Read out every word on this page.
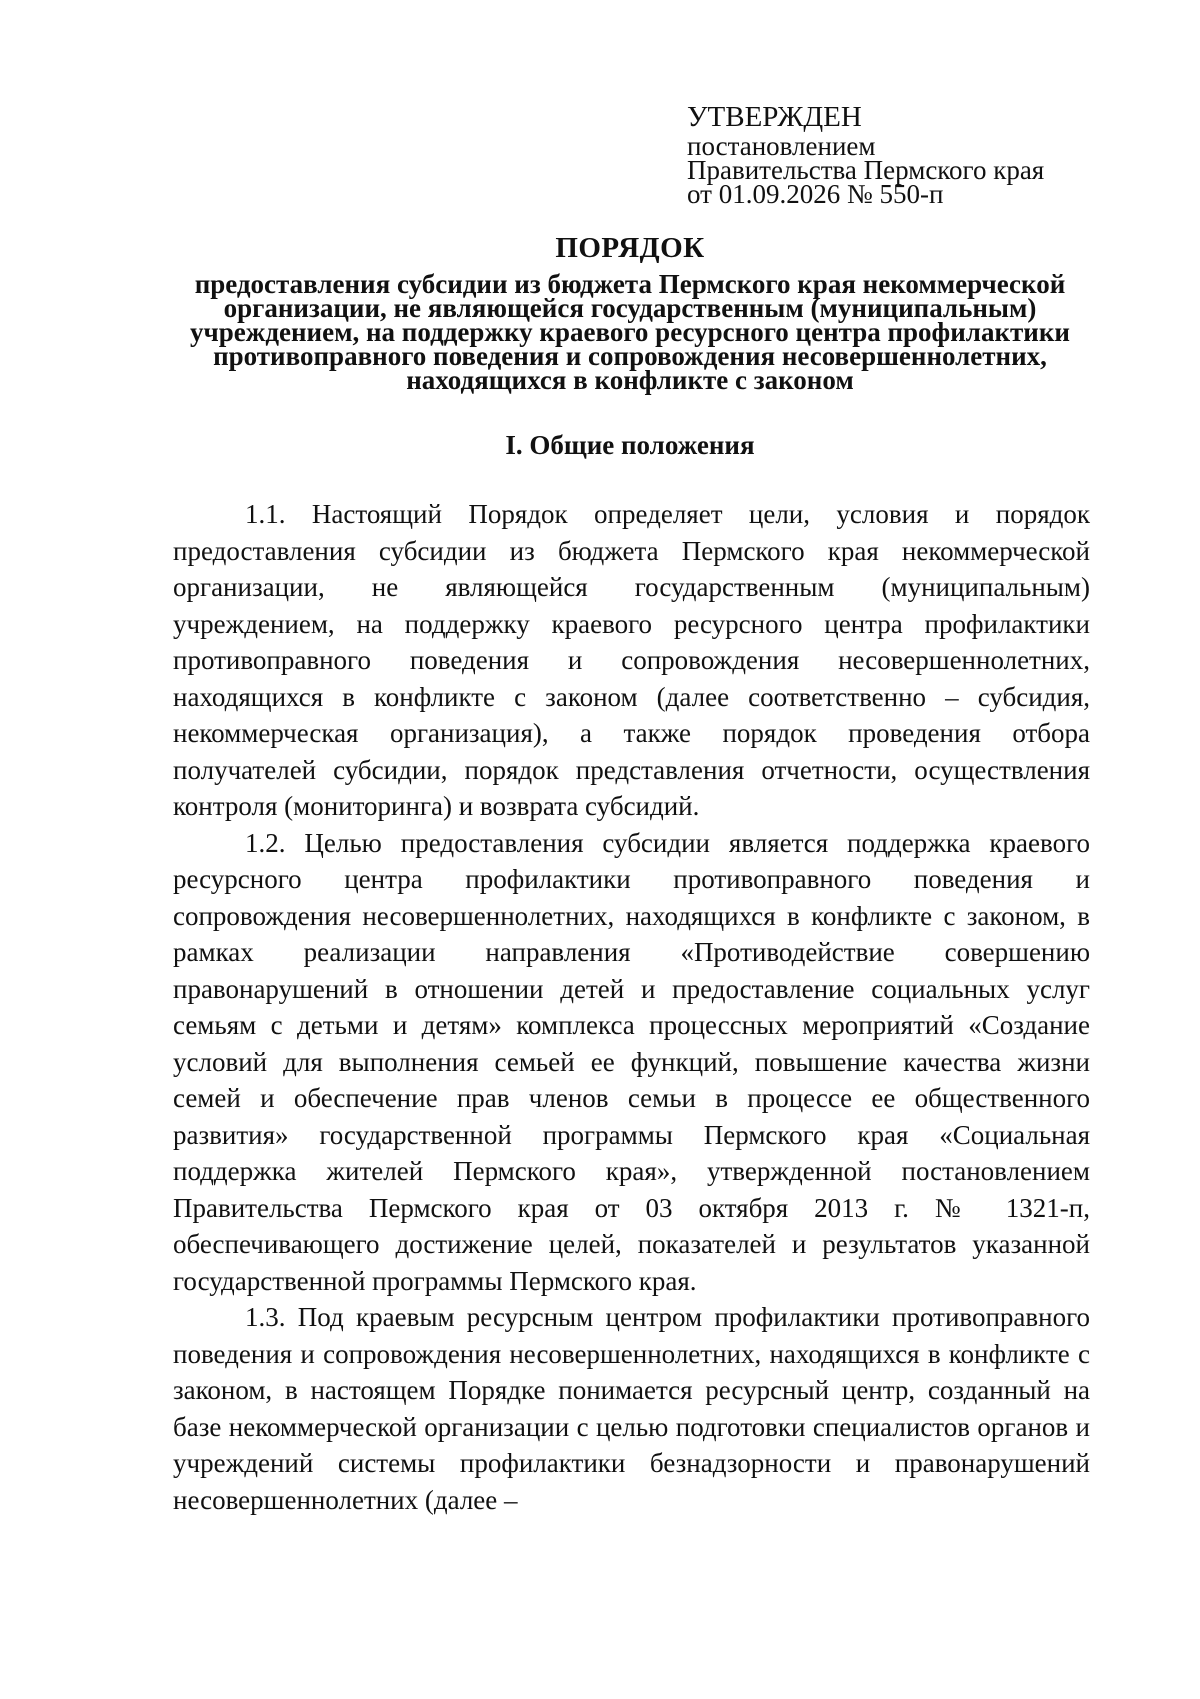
УТВЕРЖДЕН
постановлением
Правительства Пермского края
от 01.09.2026 № 550-п
ПОРЯДОК
предоставления субсидии из бюджета Пермского края некоммерческой организации, не являющейся государственным (муниципальным) учреждением, на поддержку краевого ресурсного центра профилактики противоправного поведения и сопровождения несовершеннолетних, находящихся в конфликте с законом
I. Общие положения

1.1. Настоящий Порядок определяет цели, условия и порядок предоставления субсидии из бюджета Пермского края некоммерческой организации, не являющейся государственным (муниципальным) учреждением, на поддержку краевого ресурсного центра профилактики противоправного поведения и сопровождения несовершеннолетних, находящихся в конфликте с законом (далее соответственно – субсидия, некоммерческая организация), а также порядок проведения отбора получателей субсидии, порядок представления отчетности, осуществления контроля (мониторинга) и возврата субсидий.

1.2. Целью предоставления субсидии является поддержка краевого ресурсного центра профилактики противоправного поведения и сопровождения несовершеннолетних, находящихся в конфликте с законом, в рамках реализации направления «Противодействие совершению правонарушений в отношении детей и предоставление социальных услуг семьям с детьми и детям» комплекса процессных мероприятий «Создание условий для выполнения семьей ее функций, повышение качества жизни семей и обеспечение прав членов семьи в процессе ее общественного развития» государственной программы Пермского края «Социальная поддержка жителей Пермского края», утвержденной постановлением Правительства Пермского края от 03 октября 2013 г. № 1321-п, обеспечивающего достижение целей, показателей и результатов указанной государственной программы Пермского края.

1.3. Под краевым ресурсным центром профилактики противоправного поведения и сопровождения несовершеннолетних, находящихся в конфликте с законом, в настоящем Порядке понимается ресурсный центр, созданный на базе некоммерческой организации с целью подготовки специалистов органов и учреждений системы профилактики безнадзорности и правонарушений несовершеннолетних (далее –
